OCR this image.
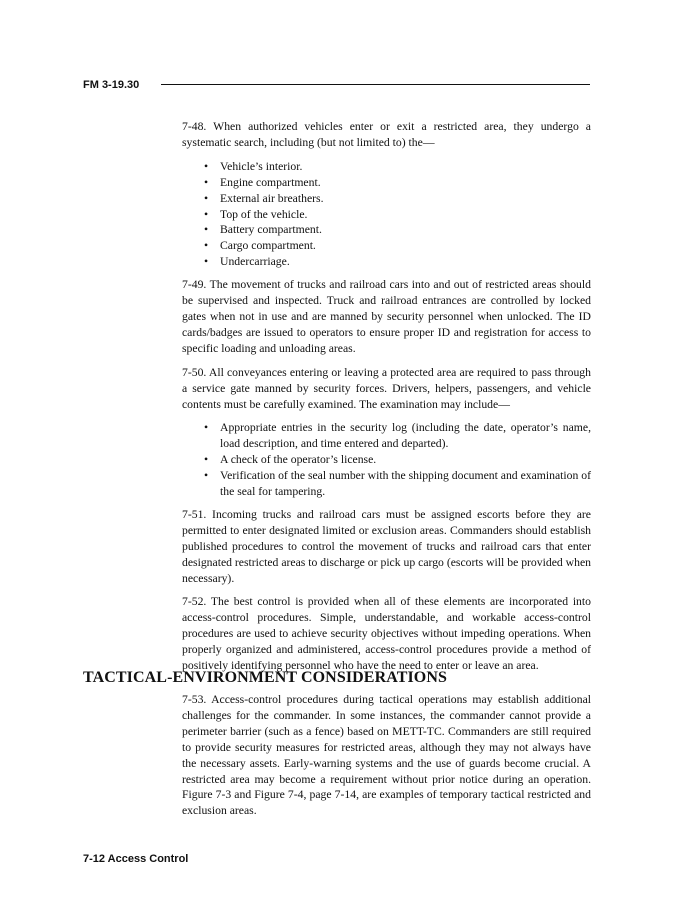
FM 3-19.30

7-48. When authorized vehicles enter or exit a restricted area, they undergo a systematic search, including (but not limited to) the—

• Vehicle’s interior.
• Engine compartment.
• External air breathers.
• Top of the vehicle.
• Battery compartment.
• Cargo compartment.
• Undercarriage.

7-49. The movement of trucks and railroad cars into and out of restricted areas should be supervised and inspected. Truck and railroad entrances are controlled by locked gates when not in use and are manned by security personnel when unlocked. The ID cards/badges are issued to operators to ensure proper ID and registration for access to specific loading and unloading areas.

7-50. All conveyances entering or leaving a protected area are required to pass through a service gate manned by security forces. Drivers, helpers, passengers, and vehicle contents must be carefully examined. The examination may include—

• Appropriate entries in the security log (including the date, operator’s name, load description, and time entered and departed).
• A check of the operator’s license.
• Verification of the seal number with the shipping document and examination of the seal for tampering.

7-51. Incoming trucks and railroad cars must be assigned escorts before they are permitted to enter designated limited or exclusion areas. Commanders should establish published procedures to control the movement of trucks and railroad cars that enter designated restricted areas to discharge or pick up cargo (escorts will be provided when necessary).

7-52. The best control is provided when all of these elements are incorporated into access-control procedures. Simple, understandable, and workable access-control procedures are used to achieve security objectives without impeding operations. When properly organized and administered, access-control procedures provide a method of positively identifying personnel who have the need to enter or leave an area.

TACTICAL-ENVIRONMENT CONSIDERATIONS

7-53. Access-control procedures during tactical operations may establish additional challenges for the commander. In some instances, the commander cannot provide a perimeter barrier (such as a fence) based on METT-TC. Commanders are still required to provide security measures for restricted areas, although they may not always have the necessary assets. Early-warning systems and the use of guards become crucial. A restricted area may become a requirement without prior notice during an operation. Figure 7-3 and Figure 7-4, page 7-14, are examples of temporary tactical restricted and exclusion areas.

7-12 Access Control
